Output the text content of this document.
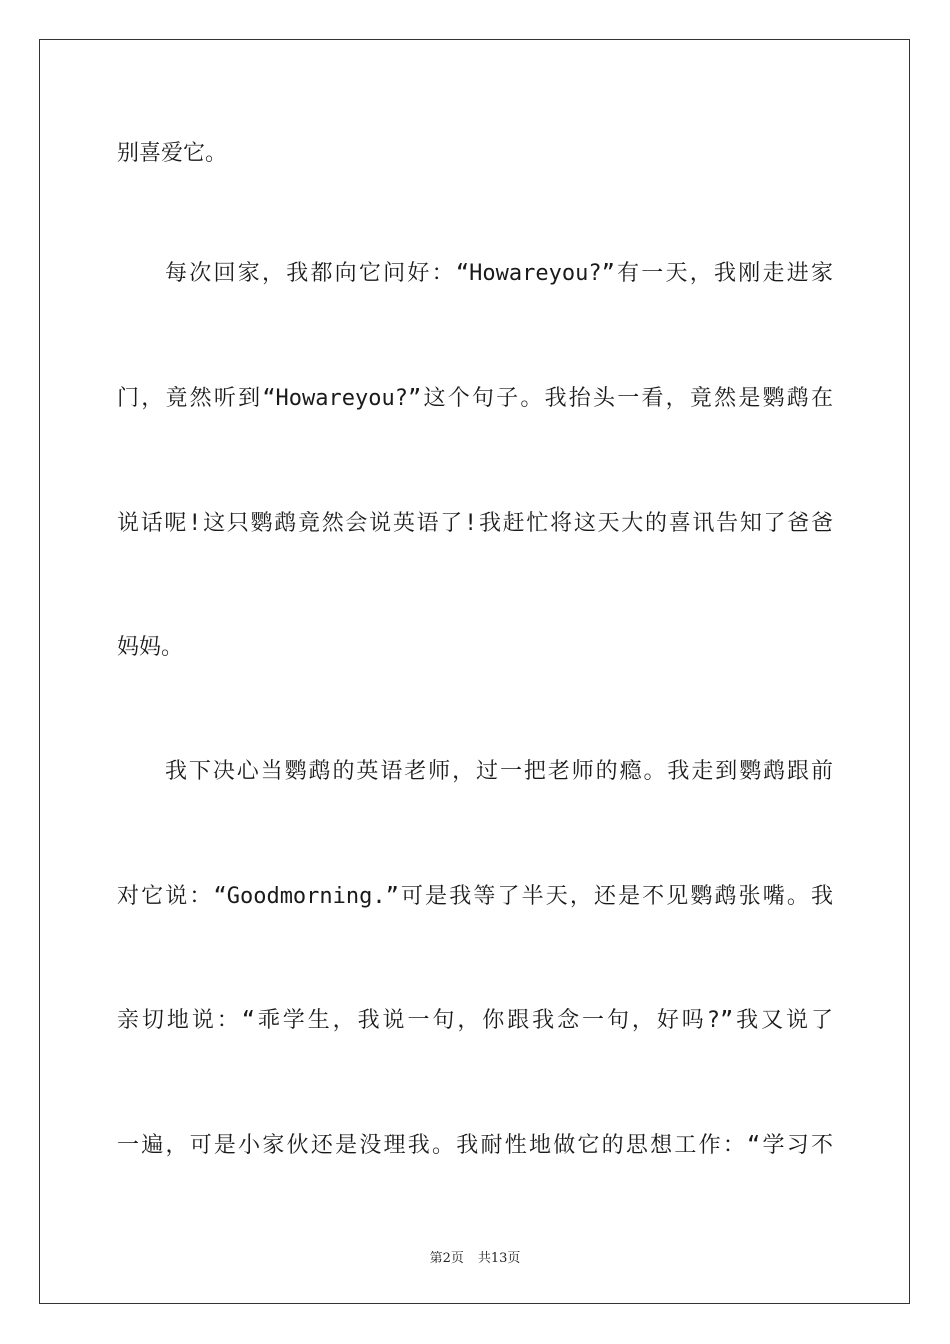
别喜爱它。

每次回家，我都向它问好：“Howareyou?”有一天，我刚走进家

门，竟然听到“Howareyou?”这个句子。我抬头一看，竟然是鹦鹉在

说话呢!这只鹦鹉竟然会说英语了!我赶忙将这天大的喜讯告知了爸爸

妈妈。

我下决心当鹦鹉的英语老师，过一把老师的瘾。我走到鹦鹉跟前

对它说：“Goodmorning.”可是我等了半天，还是不见鹦鹉张嘴。我

亲切地说：“乖学生，我说一句，你跟我念一句，好吗?”我又说了

一遍，可是小家伙还是没理我。我耐性地做它的思想工作：“学习不

第2页 共13页
